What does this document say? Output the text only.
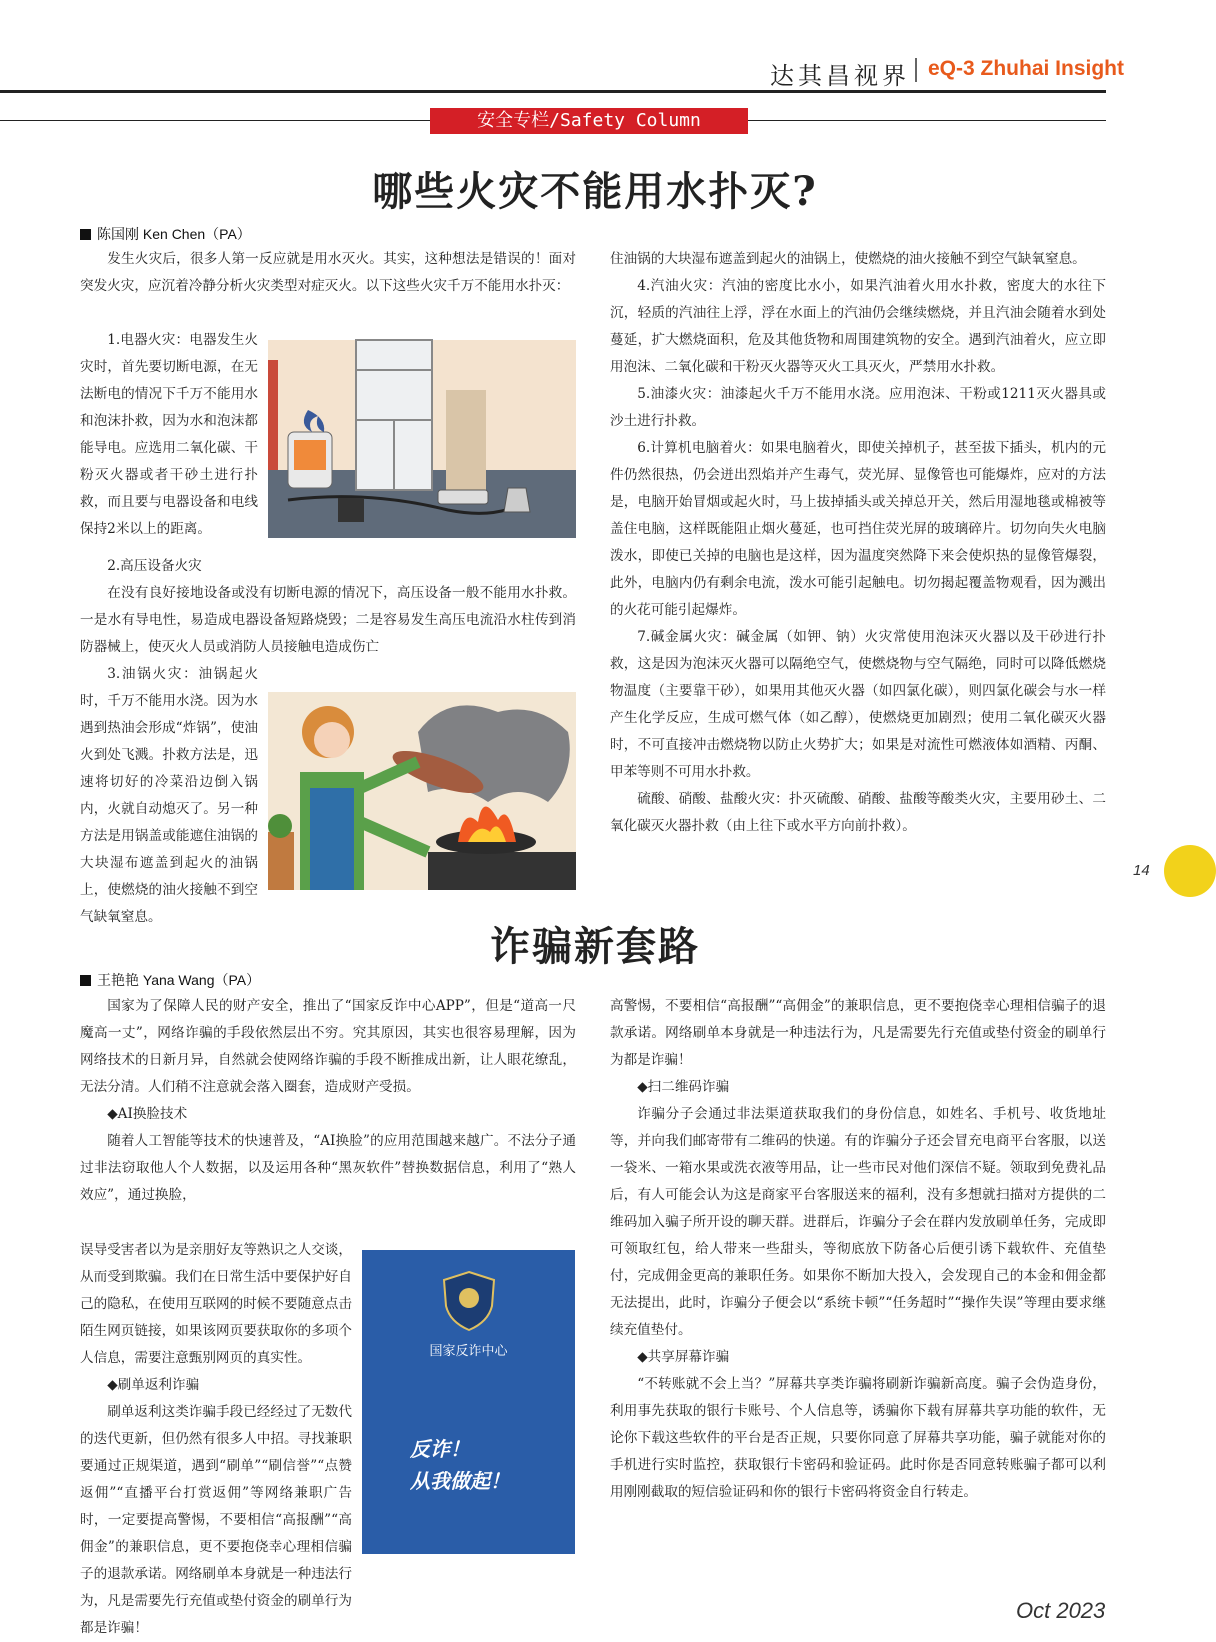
达其昌视界 eQ-3 Zhuhai Insight
安全专栏/Safety Column
哪些火灾不能用水扑灭?
陈国刚 Ken Chen（PA）

发生火灾后，很多人第一反应就是用水灭火。其实，这种想法是错误的！面对突发火灾，应沉着冷静分析火灾类型对症灭火。以下这些火灾千万不能用水扑灭：

1.电器火灾：电器发生火灾时，首先要切断电源，在无法断电的情况下千万不能用水和泡沫扑救，因为水和泡沫都能导电。应选用二氧化碳、干粉灭火器或者干砂土进行扑救，而且要与电器设备和电线保持2米以上的距离。

2.高压设备火灾

在没有良好接地设备或没有切断电源的情况下，高压设备一般不能用水扑救。一是水有导电性，易造成电器设备短路烧毁；二是容易发生高压电流沿水柱传到消防器械上，使灭火人员或消防人员接触电造成伤亡

3.油锅火灾：油锅起火时，千万不能用水浇。因为水遇到热油会形成“炸锅”，使油火到处飞溅。扑救方法是，迅速将切好的冷菜沿边倒入锅内，火就自动熄灭了。另一种方法是用锅盖或能遮住油锅的大块湿布遮盖到起火的油锅上，使燃烧的油火接触不到空气缺氧窒息。

住油锅的大块湿布遮盖到起火的油锅上，使燃烧的油火接触不到空气缺氧窒息。

4.汽油火灾：汽油的密度比水小，如果汽油着火用水扑救，密度大的水往下沉，轻质的汽油往上浮，浮在水面上的汽油仍会继续燃烧，并且汽油会随着水到处蔓延，扩大燃烧面积，危及其他货物和周围建筑物的安全。遇到汽油着火，应立即用泡沫、二氧化碳和干粉灭火器等灭火工具灭火，严禁用水扑救。

5.油漆火灾：油漆起火千万不能用水浇。应用泡沫、干粉或1211灭火器具或沙土进行扑救。

6.计算机电脑着火：如果电脑着火，即使关掉机子，甚至拔下插头，机内的元件仍然很热，仍会迸出烈焰并产生毒气，荧光屏、显像管也可能爆炸，应对的方法是，电脑开始冒烟或起火时，马上拔掉插头或关掉总开关，然后用湿地毯或棉被等盖住电脑，这样既能阻止烟火蔓延，也可挡住荧光屏的玻璃碎片。切勿向失火电脑泼水，即使已关掉的电脑也是这样，因为温度突然降下来会使炽热的显像管爆裂，此外，电脑内仍有剩余电流，泼水可能引起触电。切勿揭起覆盖物观看，因为溅出的火花可能引起爆炸。

7.碱金属火灾：碱金属（如钾、钠）火灾常使用泡沫灭火器以及干砂进行扑救，这是因为泡沫灭火器可以隔绝空气，使燃烧物与空气隔绝，同时可以降低燃烧物温度（主要靠干砂），如果用其他灭火器（如四氯化碳），则四氯化碳会与水一样产生化学反应，生成可燃气体（如乙醇），使燃烧更加剧烈；使用二氧化碳灭火器时，不可直接冲击燃烧物以防止火势扩大；如果是对流性可燃液体如酒精、丙酮、甲苯等则不可用水扑救。

硫酸、硝酸、盐酸火灾：扑灭硫酸、硝酸、盐酸等酸类火灾，主要用砂土、二氧化碳灭火器扑救（由上往下或水平方向前扑救）。

14
诈骗新套路
王艳艳 Yana Wang（PA）

国家为了保障人民的财产安全，推出了“国家反诈中心APP”，但是“道高一尺魔高一丈”，网络诈骗的手段依然层出不穷。究其原因，其实也很容易理解，因为网络技术的日新月异，自然就会使网络诈骗的手段不断推成出新，让人眼花缭乱，无法分清。人们稍不注意就会落入圈套，造成财产受损。

◆AI换脸技术

随着人工智能等技术的快速普及，“AI换脸”的应用范围越来越广。不法分子通过非法窃取他人个人数据，以及运用各种“黑灰软件”替换数据信息，利用了“熟人效应”，通过换脸，

误导受害者以为是亲朋好友等熟识之人交谈，从而受到欺骗。我们在日常生活中要保护好自己的隐私，在使用互联网的时候不要随意点击陌生网页链接，如果该网页要获取你的多项个人信息，需要注意甄别网页的真实性。

◆刷单返利诈骗

刷单返利这类诈骗手段已经经过了无数代的迭代更新，但仍然有很多人中招。寻找兼职要通过正规渠道，遇到“刷单”“刷信誉”“点赞返佣”“直播平台打赏返佣”等网络兼职广告时，一定要提高警惕，不要相信“高报酬”“高佣金”的兼职信息，更不要抱侥幸心理相信骗子的退款承诺。网络刷单本身就是一种违法行为，凡是需要先行充值或垫付资金的刷单行为都是诈骗！

国家反诈中心
反诈！
从我做起！

高警惕，不要相信“高报酬”“高佣金”的兼职信息，更不要抱侥幸心理相信骗子的退款承诺。网络刷单本身就是一种违法行为，凡是需要先行充值或垫付资金的刷单行为都是诈骗！

◆扫二维码诈骗

诈骗分子会通过非法渠道获取我们的身份信息，如姓名、手机号、收货地址等，并向我们邮寄带有二维码的快递。有的诈骗分子还会冒充电商平台客服，以送一袋米、一箱水果或洗衣液等用品，让一些市民对他们深信不疑。领取到免费礼品后，有人可能会认为这是商家平台客服送来的福利，没有多想就扫描对方提供的二维码加入骗子所开设的聊天群。进群后，诈骗分子会在群内发放刷单任务，完成即可领取红包，给人带来一些甜头，等彻底放下防备心后便引诱下载软件、充值垫付，完成佣金更高的兼职任务。如果你不断加大投入，会发现自己的本金和佣金都无法提出，此时，诈骗分子便会以“系统卡顿”“任务超时”“操作失误”等理由要求继续充值垫付。

◆共享屏幕诈骗

“不转账就不会上当？”屏幕共享类诈骗将刷新诈骗新高度。骗子会伪造身份，利用事先获取的银行卡账号、个人信息等，诱骗你下载有屏幕共享功能的软件，无论你下载这些软件的平台是否正规，只要你同意了屏幕共享功能，骗子就能对你的手机进行实时监控，获取银行卡密码和验证码。此时你是否同意转账骗子都可以利用刚刚截取的短信验证码和你的银行卡密码将资金自行转走。

Oct 2023
